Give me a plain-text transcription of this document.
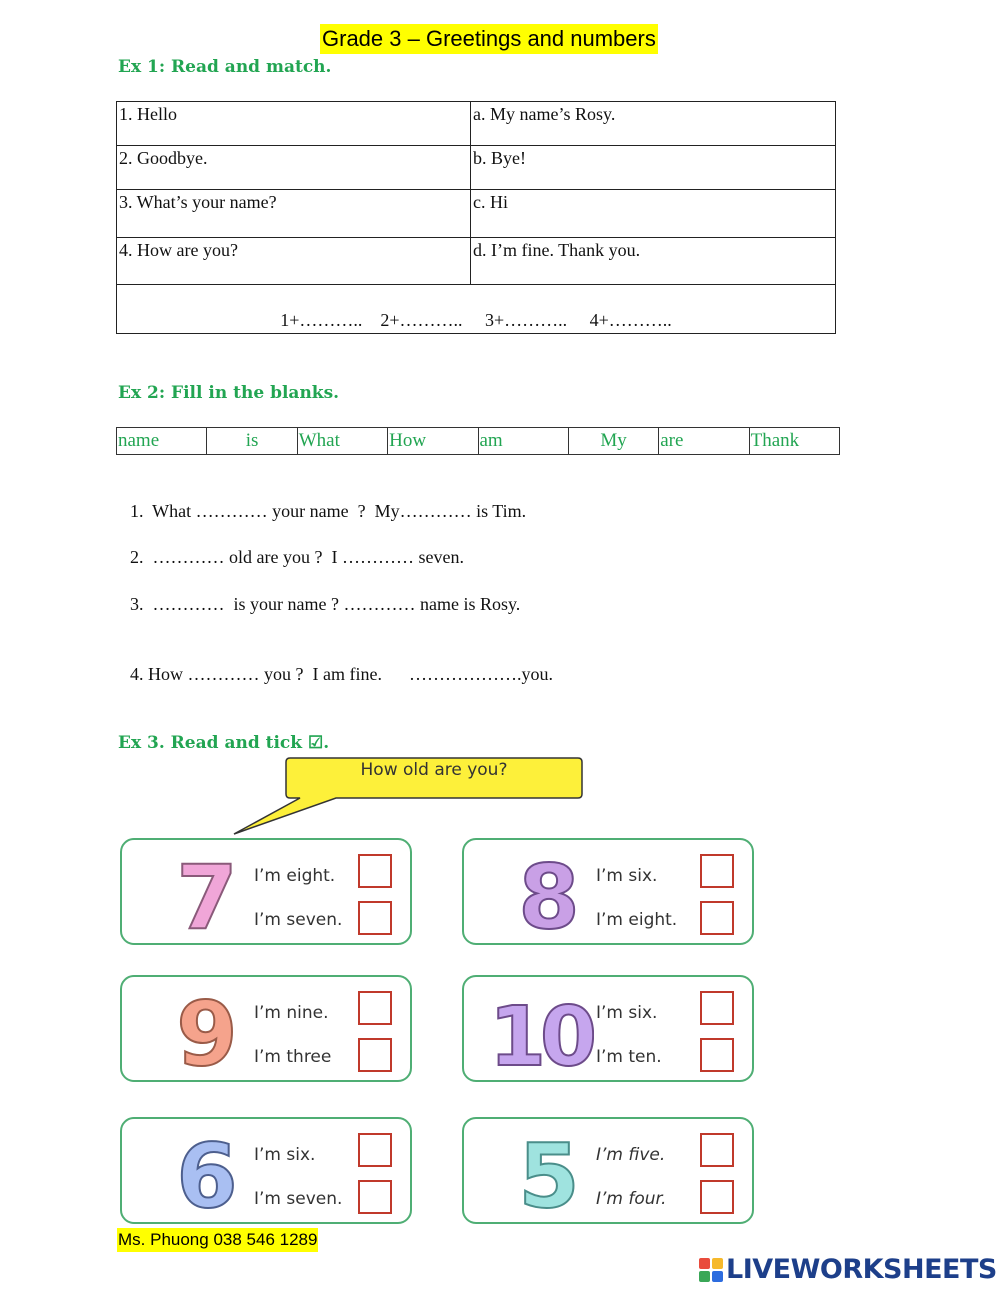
Grade 3 – Greetings and numbers
Ex 1: Read and match.
1. Hello	a. My name’s Rosy.
2. Goodbye.	b. Bye!
3. What’s your name?	c. Hi
4. How are you?	d. I’m fine. Thank you.
1+………..    2+………..     3+………..     4+………..	
Ex 2: Fill in the blanks.
name	is	What	How	am	My	are	Thank
1.  What ………… your name  ?  My………… is Tim.
2.  ………… old are you ?  I ………… seven.
3.  …………  is your name ? ………… name is Rosy.
4. How ………… you ?  I am fine.      ……………….you.
Ex 3. Read and tick ☑.
How old are you?
7 I’m eight.
I’m seven. 8 I’m six.
I’m eight.
9 I’m nine.
I’m three 10 I’m six.
I’m ten.
6 I’m six.
I’m seven. 5 I’m five.
I’m four.
Ms. Phuong 038 546 1289
LIVEWORKSHEETS
